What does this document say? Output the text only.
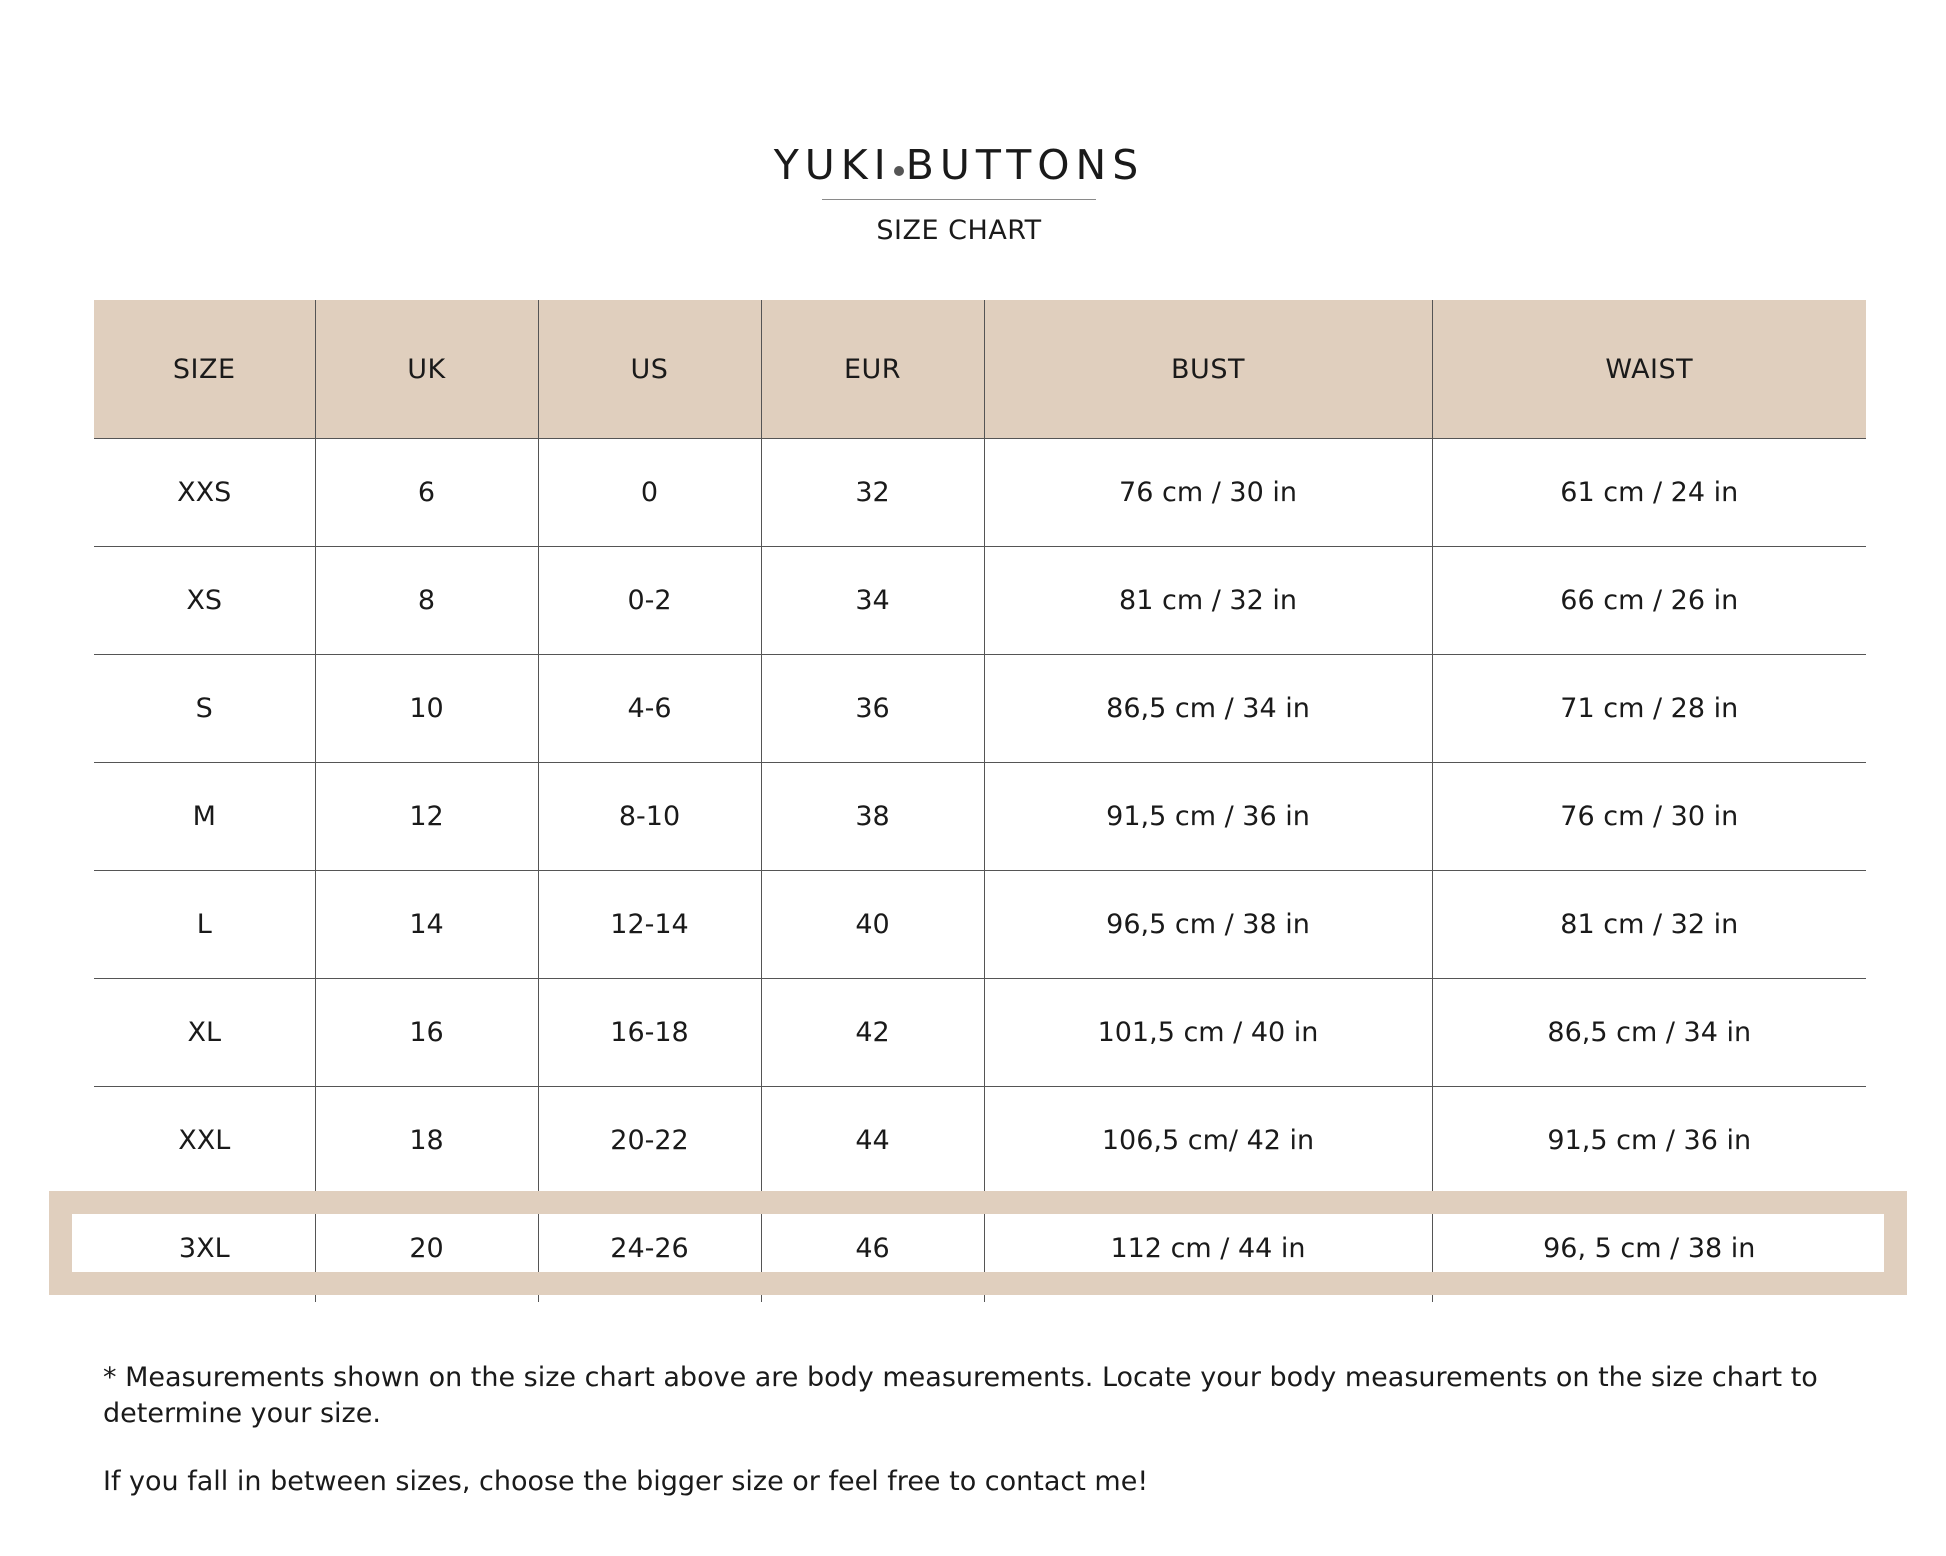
YUKI BUTTONS
SIZE CHART
SIZE	UK	US	EUR	BUST	WAIST
XXS	6	0	32	76 cm / 30 in	61 cm / 24 in
XS	8	0-2	34	81 cm / 32 in	66 cm / 26 in
S	10	4-6	36	86,5 cm / 34 in	71 cm / 28 in
M	12	8-10	38	91,5 cm / 36 in	76 cm / 30 in
L	14	12-14	40	96,5 cm / 38 in	81 cm / 32 in
XL	16	16-18	42	101,5 cm / 40 in	86,5 cm / 34 in
XXL	18	20-22	44	106,5 cm/ 42 in	91,5 cm / 36 in
3XL	20	24-26	46	112 cm / 44 in	96, 5 cm / 38 in

* Measurements shown on the size chart above are body measurements. Locate your body measurements on the size chart to determine your size.

If you fall in between sizes, choose the bigger size or feel free to contact me!
